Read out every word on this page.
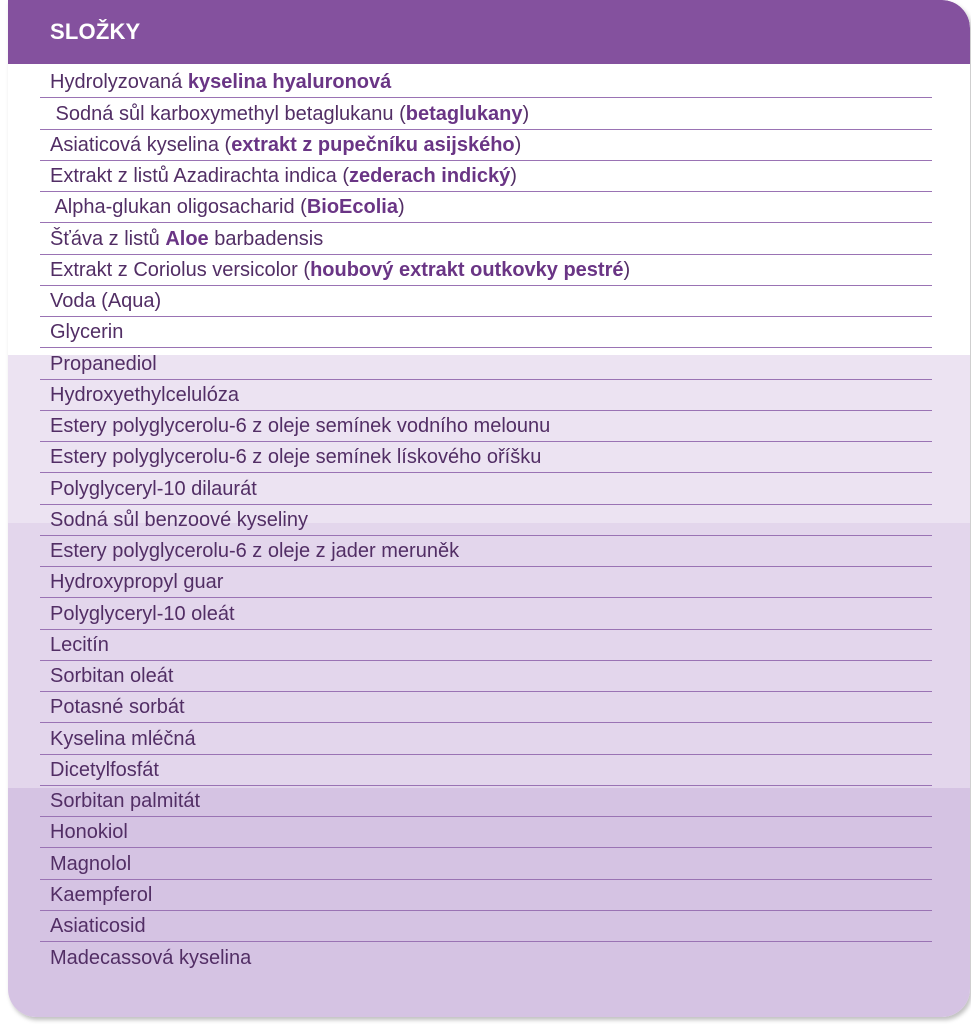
SLOŽKY
Hydrolyzovaná kyselina hyaluronová
Sodná sůl karboxymethyl betaglukanu ( betaglukany )
Asiaticová kyselina ( extrakt z pupečníku asijského )
Extrakt z listů Azadirachta indica ( zederach indický )
Alpha-glukan oligosacharid ( BioEcolia )
Šťáva z listů Aloe barbadensis
Extrakt z Coriolus versicolor ( houbový extrakt outkovky pestré )
Voda (Aqua)
Glycerin
Propanediol
Hydroxyethylcelulóza
Estery polyglycerolu-6 z oleje semínek vodního melounu
Estery polyglycerolu-6 z oleje semínek lískového oříšku
Polyglyceryl-10 dilaurát
Sodná sůl benzoové kyseliny
Estery polyglycerolu-6 z oleje z jader meruněk
Hydroxypropyl guar
Polyglyceryl-10 oleát
Lecitín
Sorbitan oleát
Potasné sorbát
Kyselina mléčná
Dicetylfosfát
Sorbitan palmitát
Honokiol
Magnolol
Kaempferol
Asiaticosid
Madecassová kyselina
